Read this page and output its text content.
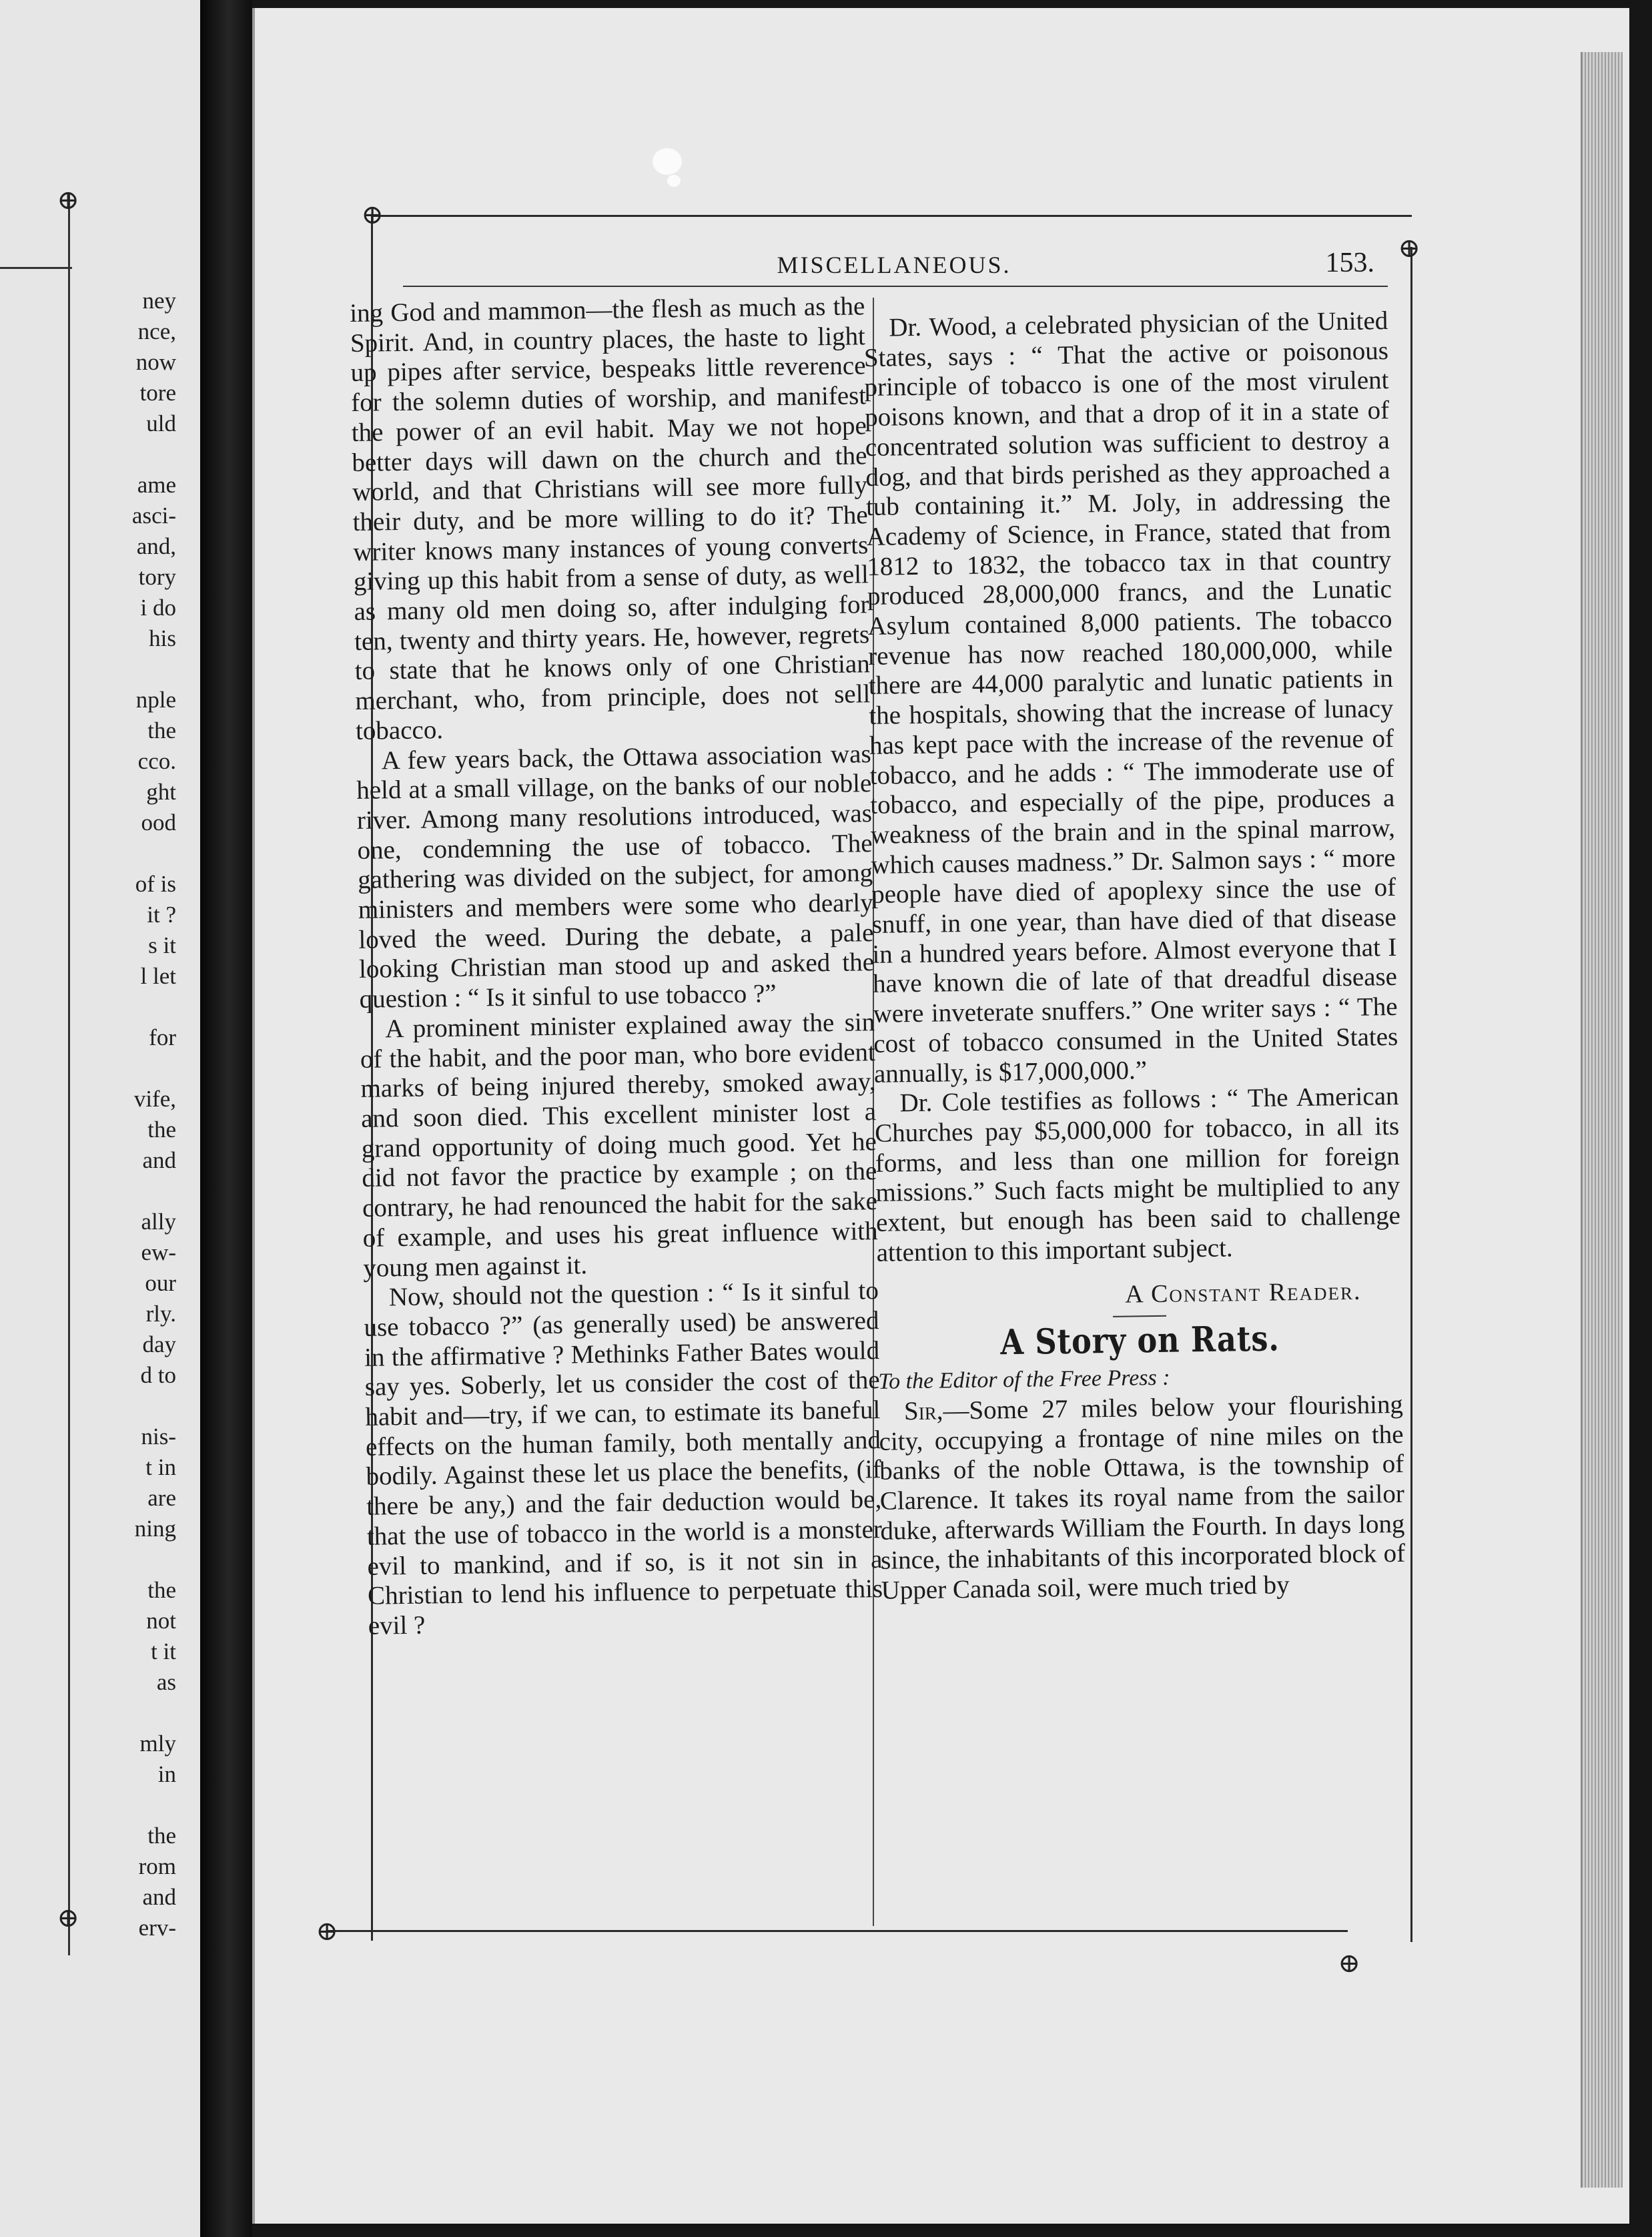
ney
nce,
now
tore
uld
ame
asci-
and,
tory
i do
his
nple
the
cco.
ght
ood
of is
it ?
s it
l let
for
vife,
the
and
ally
ew-
our
rly.
day
d to
nis-
t in
are
ning
the
not
t it
as
mly
in
the
rom
and
erv-
⊕
⊕
⊕
⊕
⊕
⊕
MISCELLANEOUS.	153.

ing God and mammon—the flesh as much as the Spirit. And, in country places, the haste to light up pipes after service, bespeaks little reverence for the solemn duties of worship, and manifest the power of an evil habit. May we not hope better days will dawn on the church and the world, and that Christians will see more fully their duty, and be more willing to do it? The writer knows many instances of young converts giving up this habit from a sense of duty, as well as many old men doing so, after indulging for ten, twenty and thirty years. He, however, regrets to state that he knows only of one Christian merchant, who, from principle, does not sell tobacco.

A few years back, the Ottawa association was held at a small village, on the banks of our noble river. Among many resolutions introduced, was one, condemning the use of tobacco. The gathering was divided on the subject, for among ministers and members were some who dearly loved the weed. During the debate, a pale looking Christian man stood up and asked the question : “ Is it sinful to use tobacco ?”

A prominent minister explained away the sin of the habit, and the poor man, who bore evident marks of being injured thereby, smoked away, and soon died. This excellent minister lost a grand opportunity of doing much good. Yet he did not favor the practice by example ; on the contrary, he had renounced the habit for the sake of example, and uses his great influence with young men against it.

Now, should not the question : “ Is it sinful to use tobacco ?” (as generally used) be answered in the affirmative ? Methinks Father Bates would say yes. Soberly, let us consider the cost of the habit and—try, if we can, to estimate its baneful effects on the human family, both mentally and bodily. Against these let us place the benefits, (if there be any,) and the fair deduction would be, that the use of tobacco in the world is a monster evil to mankind, and if so, is it not sin in a Christian to lend his influence to perpetuate this evil ?

Dr. Wood, a celebrated physician of the United States, says : “ That the active or poisonous principle of tobacco is one of the most virulent poisons known, and that a drop of it in a state of concentrated solution was sufficient to destroy a dog, and that birds perished as they approached a tub containing it.” M. Joly, in addressing the Academy of Science, in France, stated that from 1812 to 1832, the tobacco tax in that country produced 28,000,000 francs, and the Lunatic Asylum contained 8,000 patients. The tobacco revenue has now reached 180,000,000, while there are 44,000 paralytic and lunatic patients in the hospitals, showing that the increase of lunacy has kept pace with the increase of the revenue of tobacco, and he adds : “ The immoderate use of tobacco, and especially of the pipe, produces a weakness of the brain and in the spinal marrow, which causes madness.” Dr. Salmon says : “ more people have died of apoplexy since the use of snuff, in one year, than have died of that disease in a hundred years before. Almost everyone that I have known die of late of that dreadful disease were inveterate snuffers.” One writer says : “ The cost of tobacco consumed in the United States annually, is $17,000,000.”

Dr. Cole testifies as follows : “ The American Churches pay $5,000,000 for tobacco, in all its forms, and less than one million for foreign missions.” Such facts might be multiplied to any extent, but enough has been said to challenge attention to this important subject.

A Constant Reader.
A Story on Rats.
To the Editor of the Free Press :

Sir,—Some 27 miles below your flourishing city, occupying a frontage of nine miles on the banks of the noble Ottawa, is the township of Clarence. It takes its royal name from the sailor duke, afterwards William the Fourth. In days long since, the inhabitants of this incorporated block of Upper Canada soil, were much tried by
